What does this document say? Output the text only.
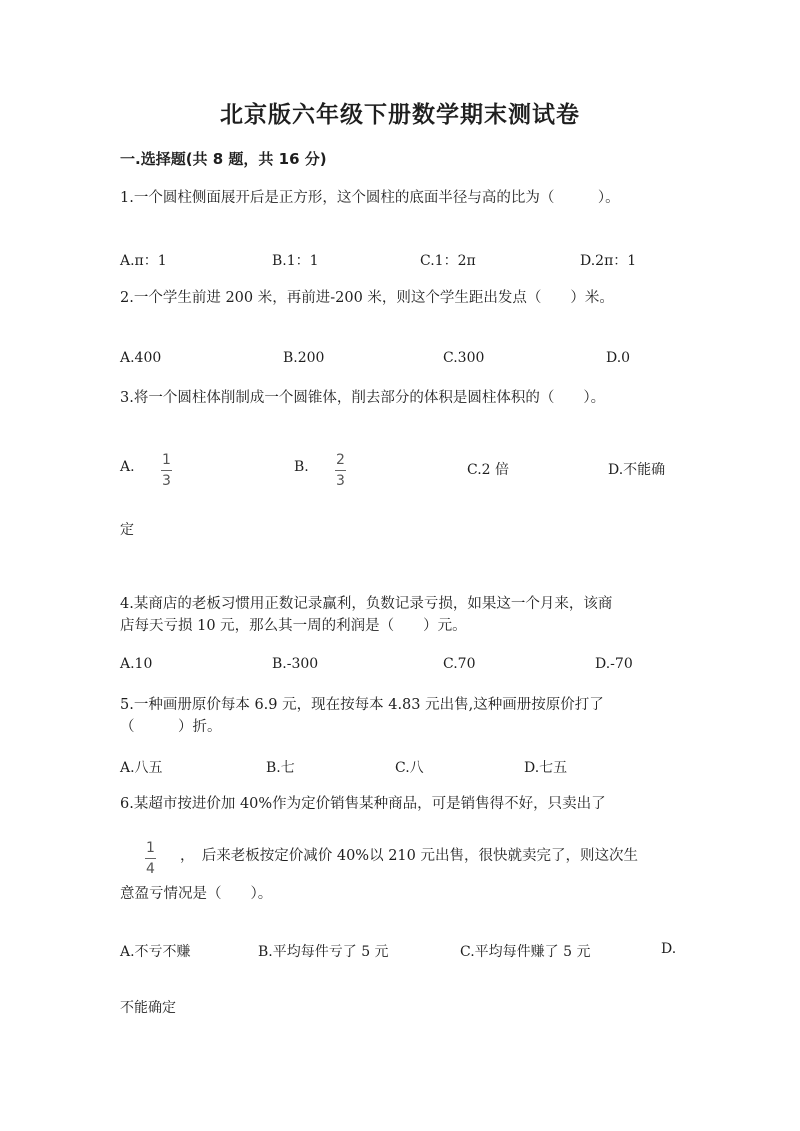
北京版六年级下册数学期末测试卷
一.选择题(共 8 题，共 16 分)
1.一个圆柱侧面展开后是正方形，这个圆柱的底面半径与高的比为（　　　）。
A.π：1	B.1：1	C.1：2π	D.2π：1
2.一个学生前进 200 米，再前进-200 米，则这个学生距出发点（　　）米。
A.400	B.200	C.300	D.0
3.将一个圆柱体削制成一个圆锥体，削去部分的体积是圆柱体积的（　　）。
A. 1
3
B. 2
3
C.2 倍	D.不能确
定
4.某商店的老板习惯用正数记录赢利，负数记录亏损，如果这一个月来，该商
店每天亏损 10 元，那么其一周的利润是（　　）元。
A.10	B.-300	C.70	D.-70
5.一种画册原价每本 6.9 元，现在按每本 4.83 元出售,这种画册按原价打了
（　　　）折。
A.八五	B.七	C.八	D.七五
6.某超市按进价加 40%作为定价销售某种商品，可是销售得不好，只卖出了
1
4
，　后来老板按定价减价 40%以 210 元出售，很快就卖完了，则这次生
意盈亏情况是（　　）。
A.不亏不赚	B.平均每件亏了 5 元	C.平均每件赚了 5 元	D.
不能确定
